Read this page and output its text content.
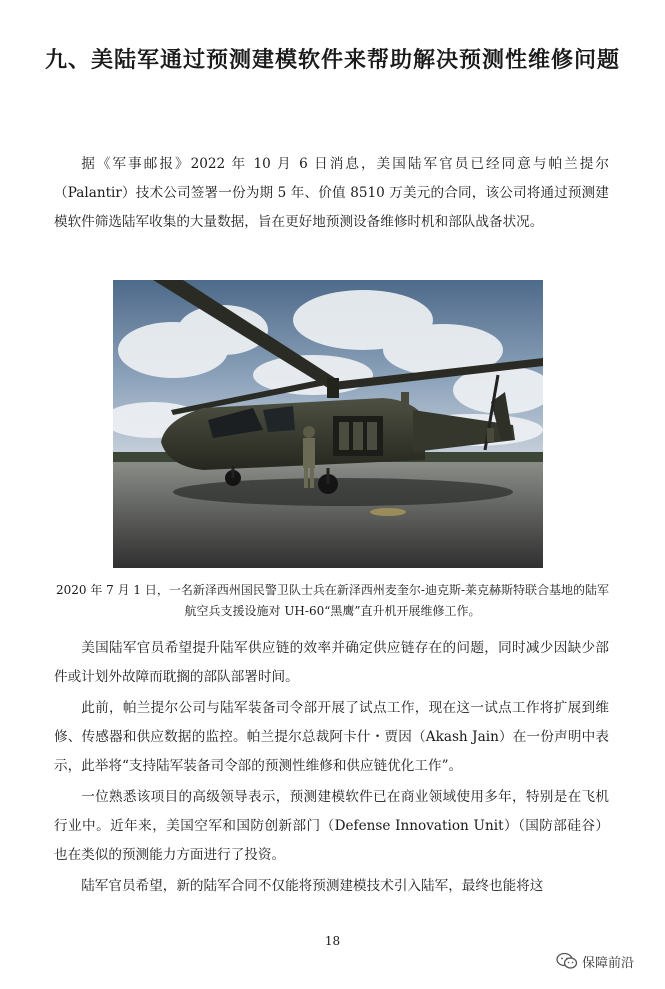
九、美陆军通过预测建模软件来帮助解决预测性维修问题

据《军事邮报》2022 年 10 月 6 日消息，美国陆军官员已经同意与帕兰提尔（Palantir）技术公司签署一份为期 5 年、价值 8510 万美元的合同，该公司将通过预测建模软件筛选陆军收集的大量数据，旨在更好地预测设备维修时机和部队战备状况。

2020 年 7 月 1 日，一名新泽西州国民警卫队士兵在新泽西州麦奎尔-迪克斯-莱克赫斯特联合基地的陆军航空兵支援设施对 UH-60“黑鹰”直升机开展维修工作。

美国陆军官员希望提升陆军供应链的效率并确定供应链存在的问题，同时减少因缺少部件或计划外故障而耽搁的部队部署时间。

此前，帕兰提尔公司与陆军装备司令部开展了试点工作，现在这一试点工作将扩展到维修、传感器和供应数据的监控。帕兰提尔总裁阿卡什・贾因（Akash Jain）在一份声明中表示，此举将“支持陆军装备司令部的预测性维修和供应链优化工作”。

一位熟悉该项目的高级领导表示，预测建模软件已在商业领域使用多年，特别是在飞机行业中。近年来，美国空军和国防创新部门（Defense Innovation Unit）（国防部硅谷）也在类似的预测能力方面进行了投资。

陆军官员希望，新的陆军合同不仅能将预测建模技术引入陆军，最终也能将这

18
保障前沿
